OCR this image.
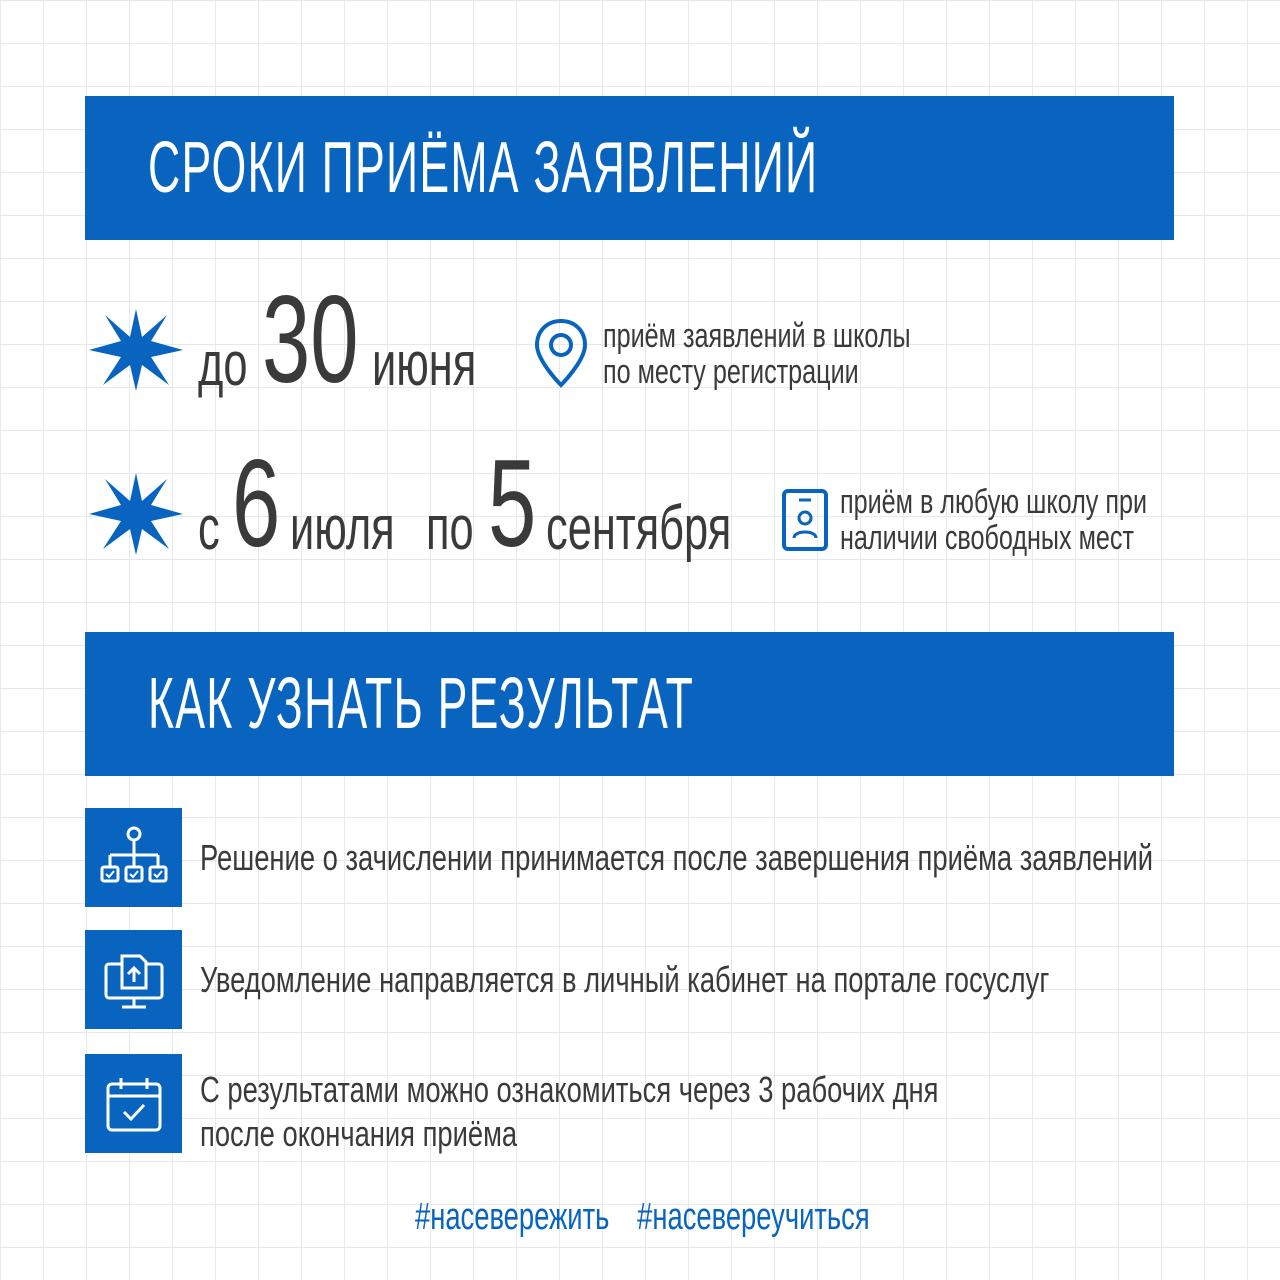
СРОКИ ПРИЁМА ЗАЯВЛЕНИЙ
до 30 июня	приём заявлений в школы
по месту регистрации
с 6 июля по 5 сентября	приём в любую школу при
наличии свободных мест
КАК УЗНАТЬ РЕЗУЛЬТАТ
Решение о зачислении принимается после завершения приёма заявлений
Уведомление направляется в личный кабинет на портале госуслуг
С результатами можно ознакомиться через 3 рабочих дня
после окончания приёма
#насевережить #насевереучиться
